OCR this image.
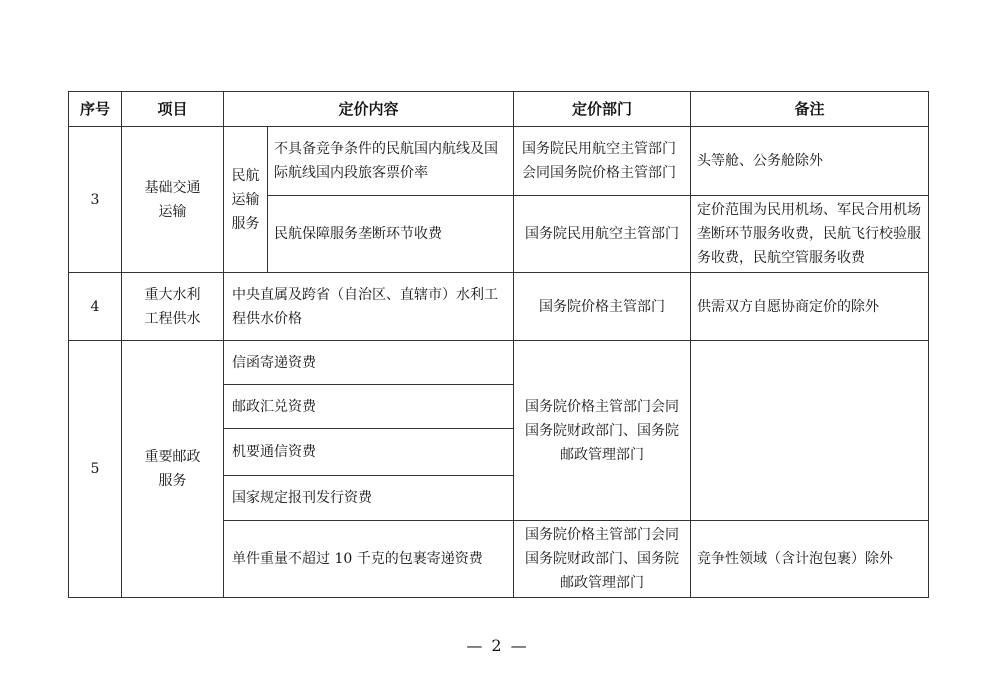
序号	项目	定价内容		定价部门	备注
3	基础交通运输	民航运输服务	不具备竞争条件的民航国内航线及国际航线国内段旅客票价率	国务院民用航空主管部门会同国务院价格主管部门	头等舱、公务舱除外
			民航保障服务垄断环节收费	国务院民用航空主管部门	定价范围为民用机场、军民合用机场垄断环节服务收费，民航飞行校验服务收费，民航空管服务收费
4	重大水利工程供水	中央直属及跨省（自治区、直辖市）水利工程供水价格		国务院价格主管部门	供需双方自愿协商定价的除外
5	重要邮政服务	信函寄递资费		国务院价格主管部门会同国务院财政部门、国务院邮政管理部门	
		邮政汇兑资费			
		机要通信资费			
		国家规定报刊发行资费			
		单件重量不超过 10 千克的包裹寄递资费		国务院价格主管部门会同国务院财政部门、国务院邮政管理部门	竞争性领域（含计泡包裹）除外
— 2 —
